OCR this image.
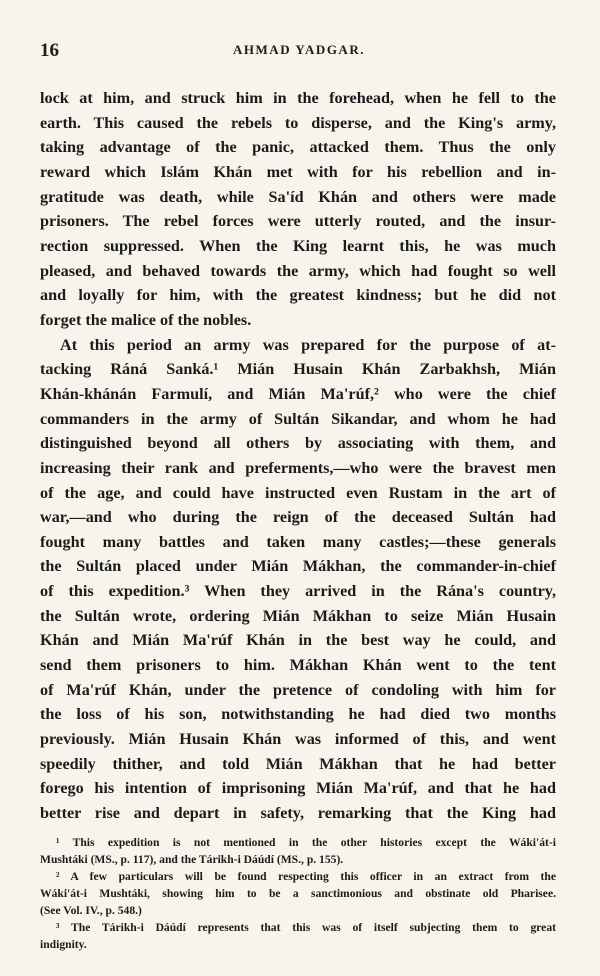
16	AHMAD YADGAR.
lock at him, and struck him in the forehead, when he fell to the
earth. This caused the rebels to disperse, and the King's army,
taking advantage of the panic, attacked them. Thus the only
reward which Islám Khán met with for his rebellion and in-
gratitude was death, while Sa'íd Khán and others were made
prisoners. The rebel forces were utterly routed, and the insur-
rection suppressed. When the King learnt this, he was much
pleased, and behaved towards the army, which had fought so well
and loyally for him, with the greatest kindness; but he did not
forget the malice of the nobles.
At this period an army was prepared for the purpose of at-
tacking Ráná Sanká.¹ Mián Husain Khán Zarbakhsh, Mián
Khán-khánán Farmulí, and Mián Ma'rúf,² who were the chief
commanders in the army of Sultán Sikandar, and whom he had
distinguished beyond all others by associating with them, and
increasing their rank and preferments,—who were the bravest men
of the age, and could have instructed even Rustam in the art of
war,—and who during the reign of the deceased Sultán had
fought many battles and taken many castles;—these generals
the Sultán placed under Mián Mákhan, the commander-in-chief
of this expedition.³ When they arrived in the Rána's country,
the Sultán wrote, ordering Mián Mákhan to seize Mián Husain
Khán and Mián Ma'rúf Khán in the best way he could, and
send them prisoners to him. Mákhan Khán went to the tent
of Ma'rúf Khán, under the pretence of condoling with him for
the loss of his son, notwithstanding he had died two months
previously. Mián Husain Khán was informed of this, and went
speedily thither, and told Mián Mákhan that he had better
forego his intention of imprisoning Mián Ma'rúf, and that he had
better rise and depart in safety, remarking that the King had
¹ This expedition is not mentioned in the other histories except the Wáki'át-i
Mushtáki (MS., p. 117), and the Tárikh-i Dáúdí (MS., p. 155).
² A few particulars will be found respecting this officer in an extract from the
Wáki'át-i Mushtáki, showing him to be a sanctimonious and obstinate old Pharisee.
(See Vol. IV., p. 548.)
³ The Tárikh-i Dáúdí represents that this was of itself subjecting them to great
indignity.
